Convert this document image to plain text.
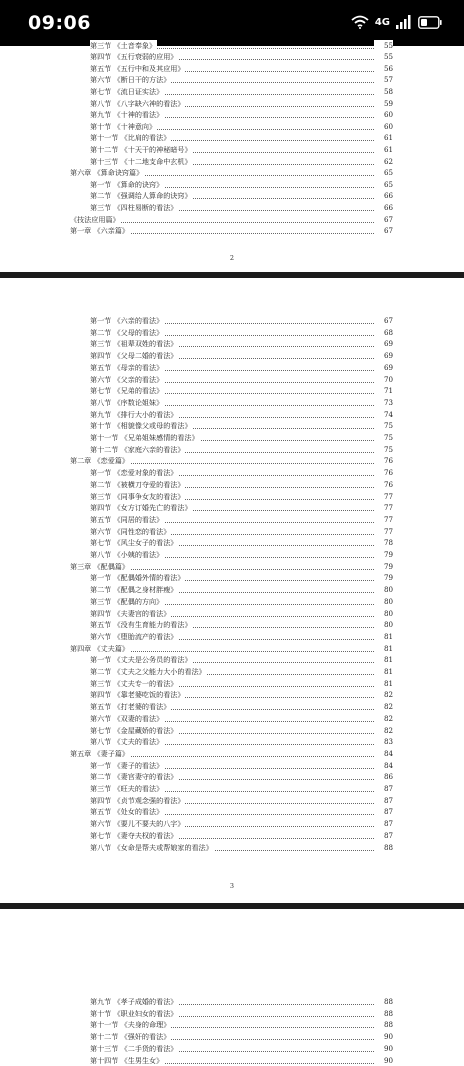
09:06	4G
第三节 《土音奉象》	55
第四节 《五行衰弱的应用》	55
第五节 《五行中和及其应用》	56
第六节 《断日干的方法》	57
第七节 《流日证实法》	58
第八节 《八字缺六神的看法》	59
第九节 《十神的看法》	60
第十节 《十神意向》	60
第十一节 《比肩的看法》	61
第十二节 《十天干的神秘暗号》	61
第十三节 《十二地支命中玄机》	62
第六章 《算命诀窍篇》	65
第一节 《算命的诀窍》	65
第二节 《强调给人算命的诀窍》	66
第三节 《四柱易断的看法》	66
《技法应用篇》	67
第一章 《六亲篇》	67
2
第一节 《六亲的看法》	67
第二节 《父母的看法》	68
第三节 《祖辈双姓的看法》	69
第四节 《父母二婚的看法》	69
第五节 《母亲的看法》	69
第六节 《父亲的看法》	70
第七节 《兄弟的看法》	71
第八节 《序数论姐妹》	73
第九节 《排行大小的看法》	74
第十节 《相貌像父或母的看法》	75
第十一节 《兄弟姐妹感情的看法》	75
第十二节 《家庭六亲的看法》	75
第二章 《恋爱篇》	76
第一节 《恋爱对象的看法》	76
第二节 《被横刀夺爱的看法》	76
第三节 《同事争女友的看法》	77
第四节 《女方订婚先亡的看法》	77
第五节 《同居的看法》	77
第六节 《同性恋的看法》	77
第七节 《风尘女子的看法》	78
第八节 《小姨的看法》	79
第三章 《配偶篇》	79
第一节 《配偶婚外情的看法》	79
第二节 《配偶之身材胖瘦》	80
第三节 《配偶的方向》	80
第四节 《夫妻宫的看法》	80
第五节 《没有生育能力的看法》	80
第六节 《堕胎流产的看法》	81
第四章 《丈夫篇》	81
第一节 《丈夫是公务员的看法》	81
第二节 《丈夫之父能力大小的看法》	81
第三节 《丈夫专一的看法》	81
第四节 《靠老婆吃饭的看法》	82
第五节 《打老婆的看法》	82
第六节 《双妻的看法》	82
第七节 《金屋藏娇的看法》	82
第八节 《丈夫的看法》	83
第五章 《妻子篇》	84
第一节 《妻子的看法》	84
第二节 《妻宫妻守的看法》	86
第三节 《旺夫的看法》	87
第四节 《贞节观念强的看法》	87
第五节 《处女的看法》	87
第六节 《要儿不要夫的八字》	87
第七节 《妻夺夫权的看法》	87
第八节 《女命是帮夫或帮娘家的看法》	88
3
第九节 《孝子成婚的看法》	88
第十节 《职业妇女的看法》	88
第十一节 《夫身的命理》	88
第十二节 《强奸的看法》	90
第十三节 《二手货的看法》	90
第十四节 《生男生女》	90
